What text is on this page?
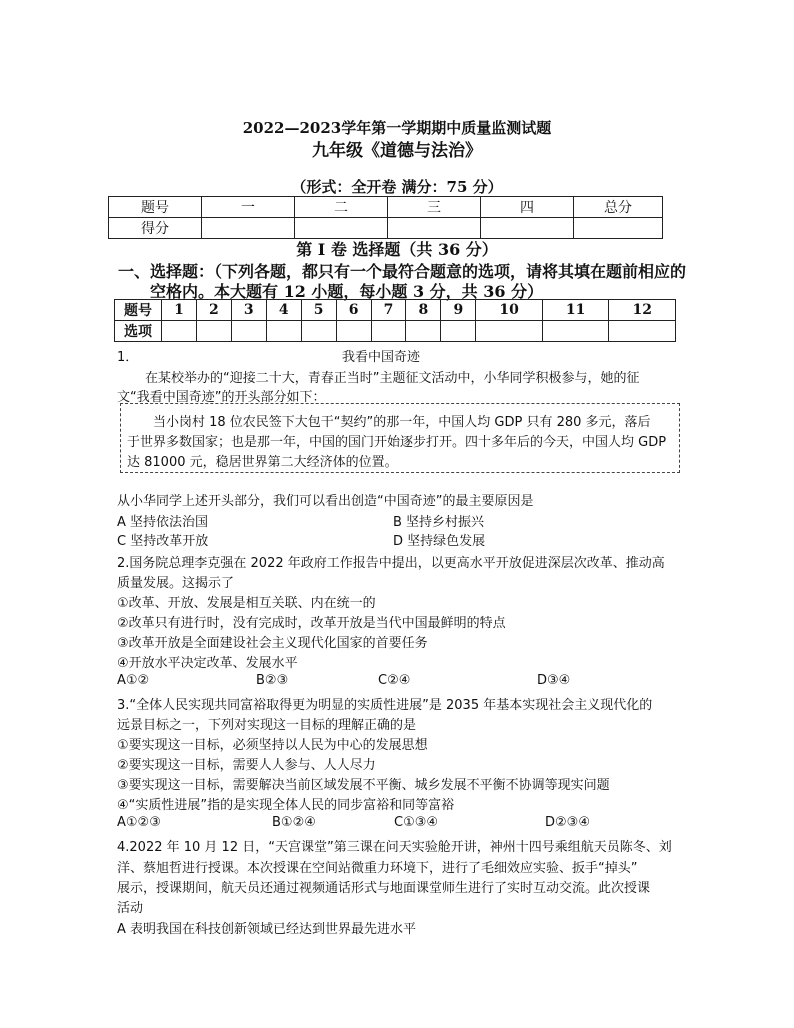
2022—2023学年第一学期期中质量监测试题
九年级《道德与法治》
（形式：全开卷 满分：75 分）
题号	一	二	三	四	总分
得分					
第 I 卷 选择题（共 36 分）
一、选择题：（下列各题，都只有一个最符合题意的选项，请将其填在题前相应的
空格内。本大题有 12 小题，每小题 3 分，共 36 分）
题号	1	2	3	4	5	6	7	8	9	10	11	12
选项												
1．	我看中国奇迹
在某校举办的“迎接二十大，青春正当时”主题征文活动中，小华同学积极参与，她的征
文“我看中国奇迹”的开头部分如下：
当小岗村 18 位农民签下大包干“契约”的那一年，中国人均 GDP 只有 280 多元，落后
于世界多数国家；也是那一年，中国的国门开始逐步打开。四十多年后的今天，中国人均 GDP
达 81000 元，稳居世界第二大经济体的位置。
从小华同学上述开头部分，我们可以看出创造“中国奇迹”的最主要原因是
A 坚持依法治国	B 坚持乡村振兴
C 坚持改革开放	D 坚持绿色发展
2.国务院总理李克强在 2022 年政府工作报告中提出，以更高水平开放促进深层次改革、推动高
质量发展。这揭示了
①改革、开放、发展是相互关联、内在统一的
②改革只有进行时，没有完成时，改革开放是当代中国最鲜明的特点
③改革开放是全面建设社会主义现代化国家的首要任务
④开放水平决定改革、发展水平
A①②	B②③	C②④	D③④
3.“全体人民实现共同富裕取得更为明显的实质性进展”是 2035 年基本实现社会主义现代化的
远景目标之一，下列对实现这一目标的理解正确的是
①要实现这一目标，必须坚持以人民为中心的发展思想
②要实现这一目标，需要人人参与、人人尽力
③要实现这一目标，需要解决当前区域发展不平衡、城乡发展不平衡不协调等现实问题
④“实质性进展”指的是实现全体人民的同步富裕和同等富裕
A①②③	B①②④	C①③④	D②③④
4.2022 年 10 月 12 日，“天宫课堂”第三课在问天实验舱开讲，神州十四号乘组航天员陈冬、刘
洋、蔡旭哲进行授课。本次授课在空间站微重力环境下，进行了毛细效应实验、扳手“掉头”
展示，授课期间，航天员还通过视频通话形式与地面课堂师生进行了实时互动交流。此次授课
活动
A 表明我国在科技创新领域已经达到世界最先进水平
